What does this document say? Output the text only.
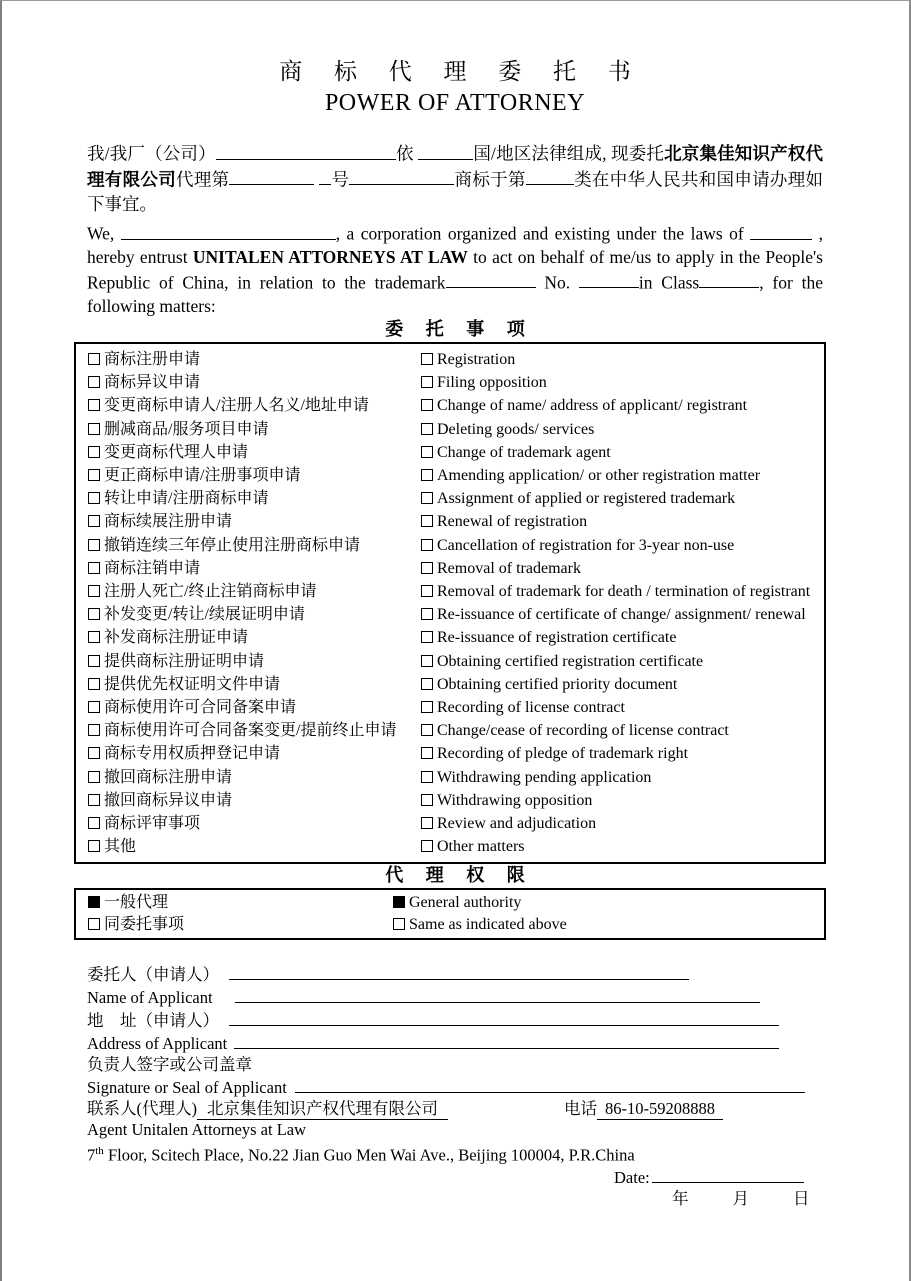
商 标 代 理 委 托 书
POWER OF ATTORNEY
我/我厂（公司）	依	国/地区法律组成, 现委托北京集佳知识产权代理有限公司代理第	号	商标于第	类在中华人民共和国申请办理如下事宜。
We,	, a corporation organized and existing under the laws of	, hereby entrust UNITALEN ATTORNEYS AT LAW to act on behalf of me/us to apply in the People's Republic of China, in relation to the trademark	No.	in Class	, for the following matters:
委 托 事 项
商标注册申请	Registration
商标异议申请	Filing opposition
变更商标申请人/注册人名义/地址申请	Change of name/ address of applicant/ registrant
删减商品/服务项目申请	Deleting goods/ services
变更商标代理人申请	Change of trademark agent
更正商标申请/注册事项申请	Amending application/ or other registration matter
转让申请/注册商标申请	Assignment of applied or registered trademark
商标续展注册申请	Renewal of registration
撤销连续三年停止使用注册商标申请	Cancellation of registration for 3-year non-use
商标注销申请	Removal of trademark
注册人死亡/终止注销商标申请	Removal of trademark for death / termination of registrant
补发变更/转让/续展证明申请	Re-issuance of certificate of change/ assignment/ renewal
补发商标注册证申请	Re-issuance of registration certificate
提供商标注册证明申请	Obtaining certified registration certificate
提供优先权证明文件申请	Obtaining certified priority document
商标使用许可合同备案申请	Recording of license contract
商标使用许可合同备案变更/提前终止申请	Change/cease of recording of license contract
商标专用权质押登记申请	Recording of pledge of trademark right
撤回商标注册申请	Withdrawing pending application
撤回商标异议申请	Withdrawing opposition
商标评审事项	Review and adjudication
其他	Other matters
代 理 权 限
一般代理	General authority
同委托事项	Same as indicated above
委托人（申请人）
Name of Applicant
地　址（申请人）
Address of Applicant
负责人签字或公司盖章
Signature or Seal of Applicant
联系人(代理人) 北京集佳知识产权代理有限公司	电话 86-10-59208888
Agent Unitalen Attorneys at Law
7th Floor, Scitech Place, No.22 Jian Guo Men Wai Ave., Beijing 100004, P.R.China
Date:
年	月	日
